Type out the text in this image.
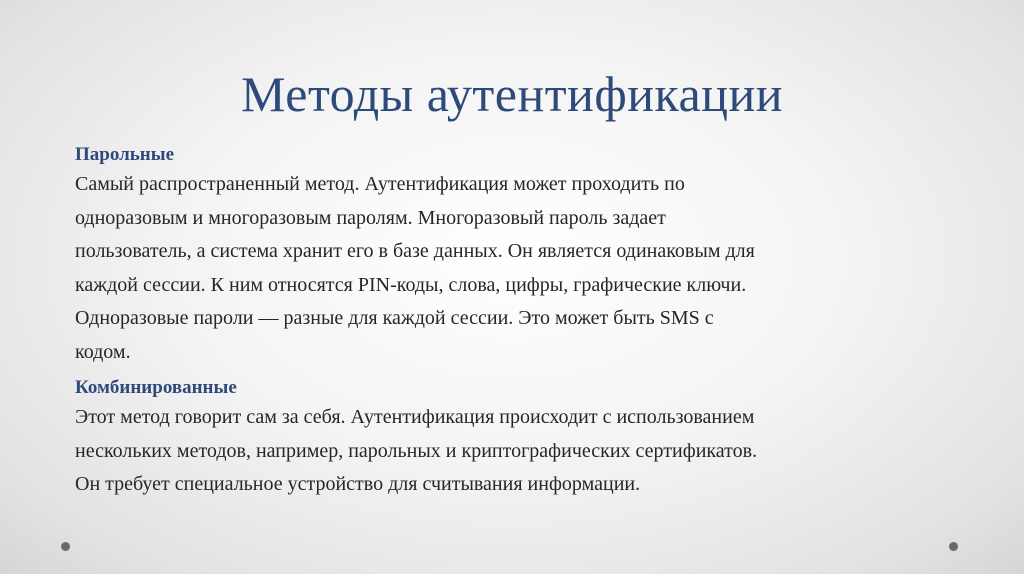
Методы аутентификации
Парольные

Самый распространенный метод. Аутентификация может проходить по
одноразовым и многоразовым паролям. Многоразовый пароль задает
пользователь, а система хранит его в базе данных. Он является одинаковым для
каждой сессии. К ним относятся PIN-коды, слова, цифры, графические ключи.
Одноразовые пароли — разные для каждой сессии. Это может быть SMS с
кодом.

Комбинированные

Этот метод говорит сам за себя. Аутентификация происходит с использованием
нескольких методов, например, парольных и криптографических сертификатов.
Он требует специальное устройство для считывания информации.
